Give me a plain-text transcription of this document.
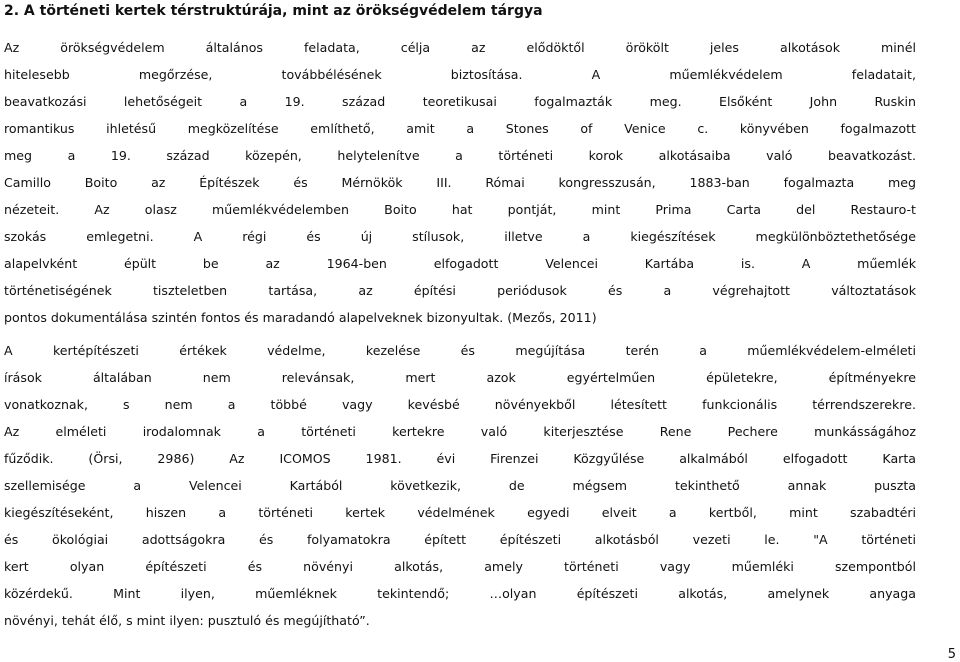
2. A történeti kertek térstruktúrája, mint az örökségvédelem tárgya
Az örökségvédelem általános feladata, célja az elődöktől örökölt jeles alkotások minél
hitelesebb megőrzése, továbbélésének biztosítása. A műemlékvédelem feladatait,
beavatkozási lehetőségeit a 19. század teoretikusai fogalmazták meg. Elsőként John Ruskin
romantikus ihletésű megközelítése említhető, amit a Stones of Venice c. könyvében fogalmazott
meg a 19. század közepén, helytelenítve a történeti korok alkotásaiba való beavatkozást.
Camillo Boito az Építészek és Mérnökök III. Római kongresszusán, 1883-ban fogalmazta meg
nézeteit. Az olasz műemlékvédelemben Boito hat pontját, mint Prima Carta del Restauro-t
szokás emlegetni. A régi és új stílusok, illetve a kiegészítések megkülönböztethetősége
alapelvként épült be az 1964-ben elfogadott Velencei Kartába is. A műemlék
történetiségének tiszteletben tartása, az építési periódusok és a végrehajtott változtatások
pontos dokumentálása szintén fontos és maradandó alapelveknek bizonyultak. (Mezős, 2011)
A kertépítészeti értékek védelme, kezelése és megújítása terén a műemlékvédelem-elméleti
írások általában nem relevánsak, mert azok egyértelműen épületekre, építményekre
vonatkoznak, s nem a többé vagy kevésbé növényekből létesített funkcionális térrendszerekre.
Az elméleti irodalomnak a történeti kertekre való kiterjesztése Rene Pechere munkásságához
fűződik. (Örsi, 2986) Az ICOMOS 1981. évi Firenzei Közgyűlése alkalmából elfogadott Karta
szellemisége a Velencei Kartából következik, de mégsem tekinthető annak puszta
kiegészítéseként, hiszen a történeti kertek védelmének egyedi elveit a kertből, mint szabadtéri
és ökológiai adottságokra és folyamatokra épített építészeti alkotásból vezeti le. "A történeti
kert olyan építészeti és növényi alkotás, amely történeti vagy műemléki szempontból
közérdekű. Mint ilyen, műemléknek tekintendő; …olyan építészeti alkotás, amelynek anyaga
növényi, tehát élő, s mint ilyen: pusztuló és megújítható”.
5
